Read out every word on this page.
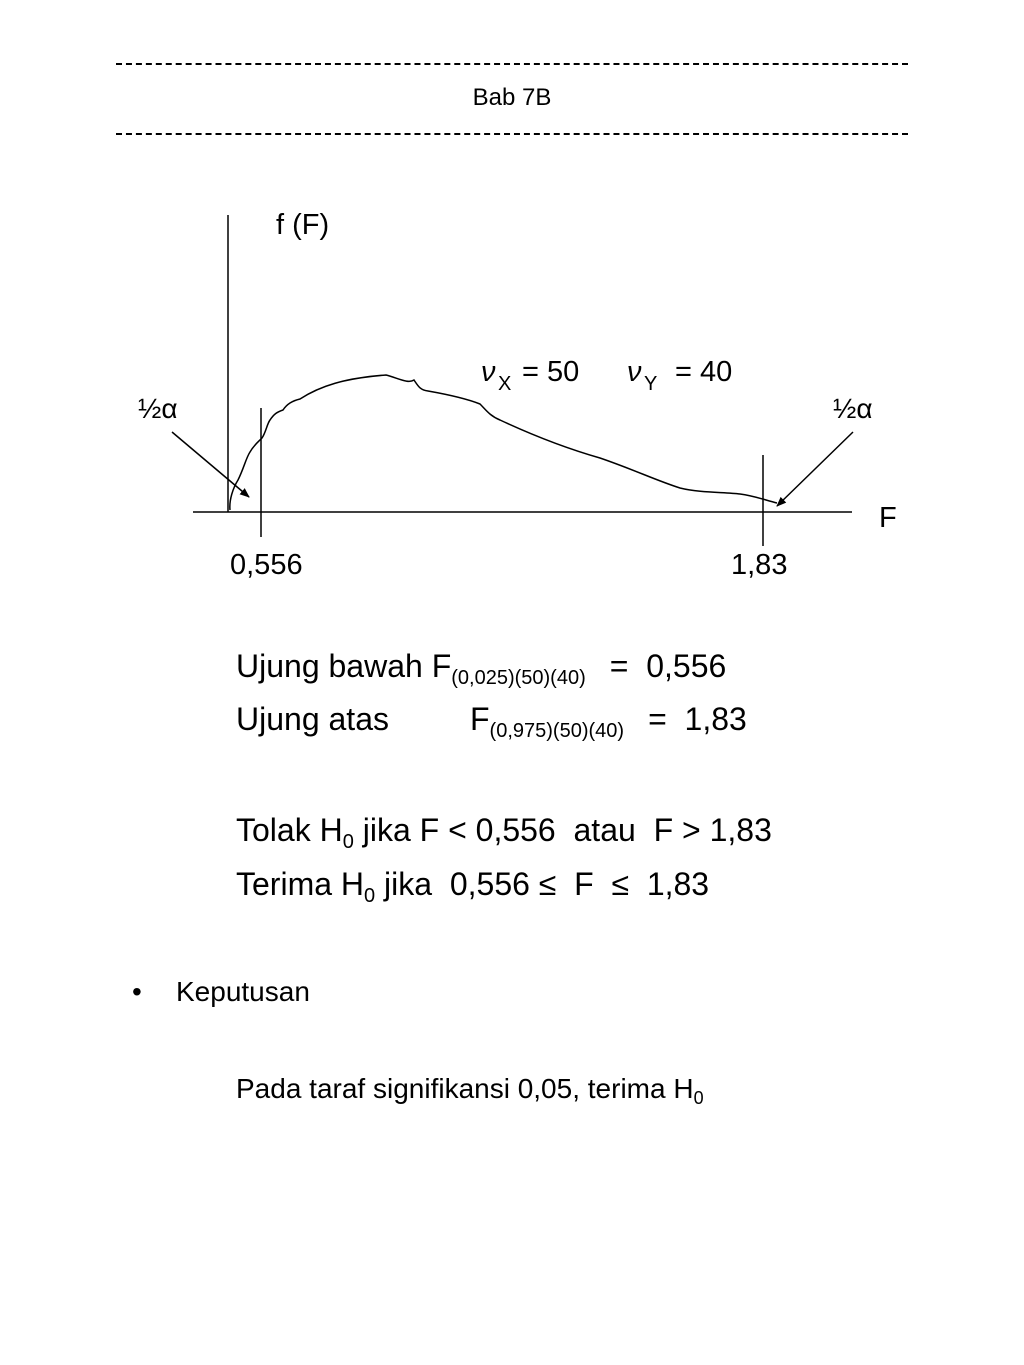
Bab 7B
f (F)
F
½α	½α
0,556	1,83
ν X = 50 ν Y = 40
Ujung bawah $F_{(0,025)(50)(40)} = 0,556$
Ujung atas	$F_{(0,975)(50)(40)} = 1,83$
Tolak $H_0$ jika F < 0,556  atau  F > 1,83
Terima $H_0$ jika  0,556 ≤  F  ≤  1,83
• Keputusan
Pada taraf signifikansi 0,05, terima $H_0$
